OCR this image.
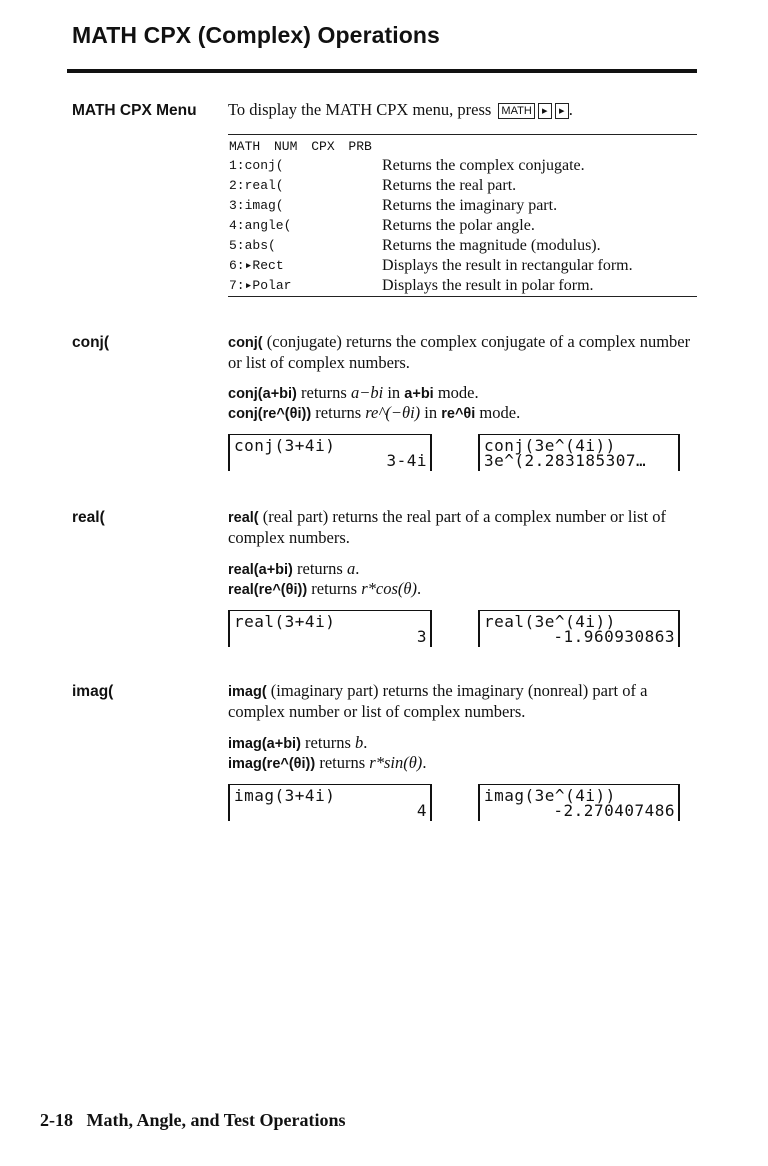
MATH CPX (Complex) Operations
MATH CPX Menu To display the MATH CPX menu, press MATH ▸ ▸ .
MATH NUM CPX PRB
1:conj(	Returns the complex conjugate.
2:real(	Returns the real part.
3:imag(	Returns the imaginary part.
4:angle(	Returns the polar angle.
5:abs(	Returns the magnitude (modulus).
6:▸Rect	Displays the result in rectangular form.
7:▸Polar	Displays the result in polar form.
conj(	conj( (conjugate) returns the complex conjugate of a complex number or list of complex numbers.
conj(a+bi) returns a−bi in a+bi mode.
conj(re^(θi)) returns re^(−θi) in re^θi mode.
conj(3+4i)
3-4i
conj(3e^(4i))
3e^(2.283185307…
real(	real( (real part) returns the real part of a complex number or list of complex numbers.
real(a+bi) returns a.
real(re^(θi)) returns r*cos(θ).
real(3+4i)
3
real(3e^(4i))
-1.960930863
imag(	imag( (imaginary part) returns the imaginary (nonreal) part of a complex number or list of complex numbers.
imag(a+bi) returns b.
imag(re^(θi)) returns r*sin(θ).
imag(3+4i)
4
imag(3e^(4i))
-2.270407486
2-18   Math, Angle, and Test Operations
